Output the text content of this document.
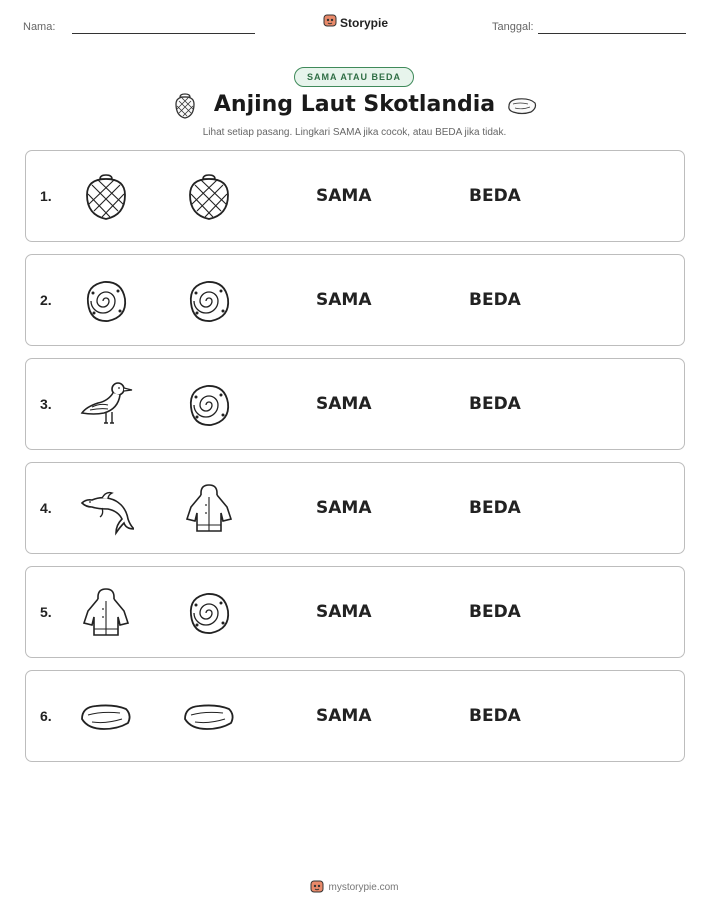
Nama:	Storypie	Tanggal:
SAMA ATAU BEDA
Anjing Laut Skotlandia
Lihat setiap pasang. Lingkari SAMA jika cocok, atau BEDA jika tidak.
1.	SAMA	BEDA
2.	SAMA	BEDA
3.	SAMA	BEDA
4.	SAMA	BEDA
5.	SAMA	BEDA
6.	SAMA	BEDA
mystorypie.com
